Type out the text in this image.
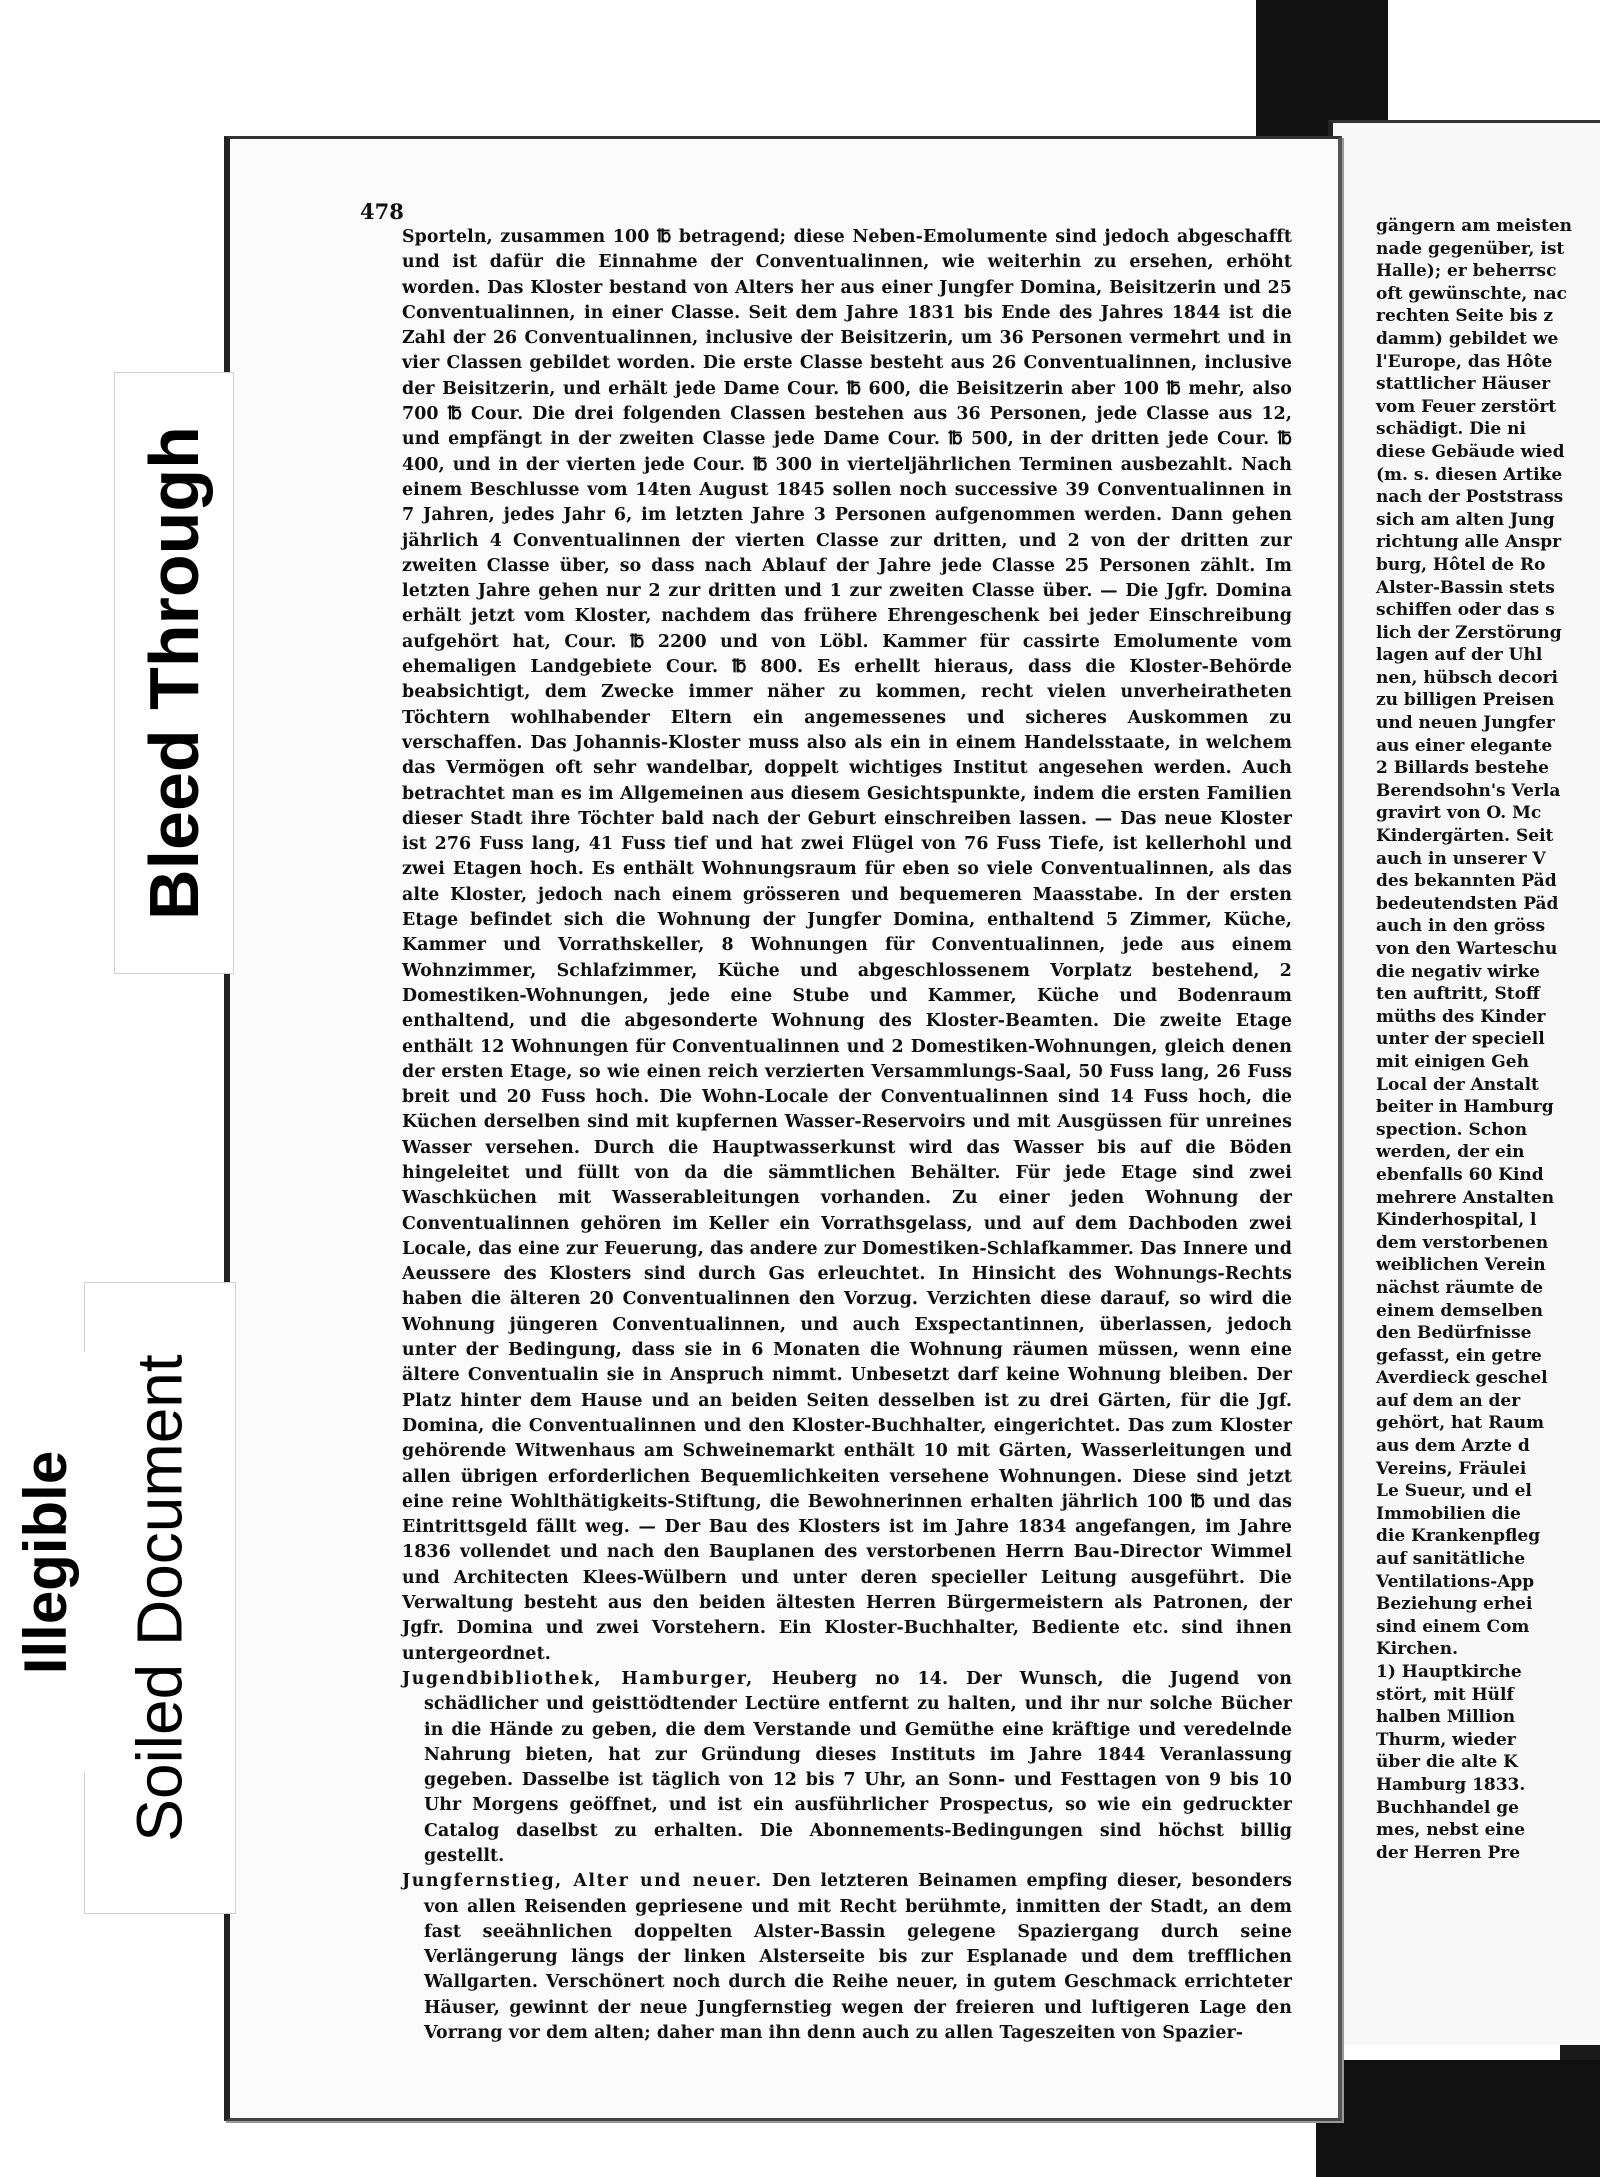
gängern am meisten
nade gegenüber, ist
Halle); er beherrsc
oft gewünschte, nac
rechten Seite bis z
damm) gebildet we
l'Europe, das Hôte
stattlicher Häuser
vom Feuer zerstört
schädigt. Die ni
diese Gebäude wied
(m. s. diesen Artike
nach der Poststrass
sich am alten Jung
richtung alle Anspr
burg, Hôtel de Ro
Alster-Bassin stets
schiffen oder das s
lich der Zerstörung
lagen auf der Uhl
nen, hübsch decori
zu billigen Preisen
und neuen Jungfer
aus einer elegante
2 Billards bestehe
Berendsohn's Verla
gravirt von O. Mc
Kindergärten. Seit
auch in unserer V
des bekannten Päd
bedeutendsten Päd
auch in den gröss
von den Warteschu
die negativ wirke
ten auftritt, Stoff
müths des Kinder
unter der speciell
mit einigen Geh
Local der Anstalt
beiter in Hamburg
spection. Schon
werden, der ein
ebenfalls 60 Kind
mehrere Anstalten
Kinderhospital, l
dem verstorbenen
weiblichen Verein
nächst räumte de
einem demselben
den Bedürfnisse
gefasst, ein getre
Averdieck geschel
auf dem an der
gehört, hat Raum
aus dem Arzte d
Vereins, Fräulei
Le Sueur, und el
Immobilien die
die Krankenpfleg
auf sanitätliche
Ventilations-App
Beziehung erhei
sind einem Com
Kirchen.
1) Hauptkirche
stört, mit Hülf
halben Million
Thurm, wieder
über die alte K
Hamburg 1833.
Buchhandel ge
mes, nebst eine
der Herren Pre
478

Sporteln, zusammen 100 ℔ betragend; diese Neben-Emolumente sind jedoch abgeschafft und ist dafür die Einnahme der Conventualinnen, wie weiterhin zu ersehen, erhöht worden. Das Kloster bestand von Alters her aus einer Jungfer Domina, Beisitzerin und 25 Conventualinnen, in einer Classe. Seit dem Jahre 1831 bis Ende des Jahres 1844 ist die Zahl der 26 Conventualinnen, inclusive der Beisitzerin, um 36 Personen vermehrt und in vier Classen gebildet worden. Die erste Classe besteht aus 26 Conventualinnen, inclusive der Beisitzerin, und erhält jede Dame Cour. ℔ 600, die Beisitzerin aber 100 ℔ mehr, also 700 ℔ Cour. Die drei folgenden Classen bestehen aus 36 Personen, jede Classe aus 12, und empfängt in der zweiten Classe jede Dame Cour. ℔ 500, in der dritten jede Cour. ℔ 400, und in der vierten jede Cour. ℔ 300 in vierteljährlichen Terminen ausbezahlt. Nach einem Beschlusse vom 14ten August 1845 sollen noch successive 39 Conventualinnen in 7 Jahren, jedes Jahr 6, im letzten Jahre 3 Personen aufgenommen werden. Dann gehen jährlich 4 Conventualinnen der vierten Classe zur dritten, und 2 von der dritten zur zweiten Classe über, so dass nach Ablauf der Jahre jede Classe 25 Personen zählt. Im letzten Jahre gehen nur 2 zur dritten und 1 zur zweiten Classe über. — Die Jgfr. Domina erhält jetzt vom Kloster, nachdem das frühere Ehrengeschenk bei jeder Einschreibung aufgehört hat, Cour. ℔ 2200 und von Löbl. Kammer für cassirte Emolumente vom ehemaligen Landgebiete Cour. ℔ 800. Es erhellt hieraus, dass die Kloster-Behörde beabsichtigt, dem Zwecke immer näher zu kommen, recht vielen unverheiratheten Töchtern wohlhabender Eltern ein angemessenes und sicheres Auskommen zu verschaffen. Das Johannis-Kloster muss also als ein in einem Handelsstaate, in welchem das Vermögen oft sehr wandelbar, doppelt wichtiges Institut angesehen werden. Auch betrachtet man es im Allgemeinen aus diesem Gesichtspunkte, indem die ersten Familien dieser Stadt ihre Töchter bald nach der Geburt einschreiben lassen. — Das neue Kloster ist 276 Fuss lang, 41 Fuss tief und hat zwei Flügel von 76 Fuss Tiefe, ist kellerhohl und zwei Etagen hoch. Es enthält Wohnungsraum für eben so viele Conventualinnen, als das alte Kloster, jedoch nach einem grösseren und bequemeren Maasstabe. In der ersten Etage befindet sich die Wohnung der Jungfer Domina, enthaltend 5 Zimmer, Küche, Kammer und Vorrathskeller, 8 Wohnungen für Conventualinnen, jede aus einem Wohnzimmer, Schlafzimmer, Küche und abgeschlossenem Vorplatz bestehend, 2 Domestiken-Wohnungen, jede eine Stube und Kammer, Küche und Bodenraum enthaltend, und die abgesonderte Wohnung des Kloster-Beamten. Die zweite Etage enthält 12 Wohnungen für Conventualinnen und 2 Domestiken-Wohnungen, gleich denen der ersten Etage, so wie einen reich verzierten Versammlungs-Saal, 50 Fuss lang, 26 Fuss breit und 20 Fuss hoch. Die Wohn-Locale der Conventualinnen sind 14 Fuss hoch, die Küchen derselben sind mit kupfernen Wasser-Reservoirs und mit Ausgüssen für unreines Wasser versehen. Durch die Hauptwasserkunst wird das Wasser bis auf die Böden hingeleitet und füllt von da die sämmtlichen Behälter. Für jede Etage sind zwei Waschküchen mit Wasserableitungen vorhanden. Zu einer jeden Wohnung der Conventualinnen gehören im Keller ein Vorrathsgelass, und auf dem Dachboden zwei Locale, das eine zur Feuerung, das andere zur Domestiken-Schlafkammer. Das Innere und Aeussere des Klosters sind durch Gas erleuchtet. In Hinsicht des Wohnungs-Rechts haben die älteren 20 Conventualinnen den Vorzug. Verzichten diese darauf, so wird die Wohnung jüngeren Conventualinnen, und auch Exspectantinnen, überlassen, jedoch unter der Bedingung, dass sie in 6 Monaten die Wohnung räumen müssen, wenn eine ältere Conventualin sie in Anspruch nimmt. Unbesetzt darf keine Wohnung bleiben. Der Platz hinter dem Hause und an beiden Seiten desselben ist zu drei Gärten, für die Jgf. Domina, die Conventualinnen und den Kloster-Buchhalter, eingerichtet. Das zum Kloster gehörende Witwenhaus am Schweinemarkt enthält 10 mit Gärten, Wasserleitungen und allen übrigen erforderlichen Bequemlichkeiten versehene Wohnungen. Diese sind jetzt eine reine Wohlthätigkeits-Stiftung, die Bewohnerinnen erhalten jährlich 100 ℔ und das Eintrittsgeld fällt weg. — Der Bau des Klosters ist im Jahre 1834 angefangen, im Jahre 1836 vollendet und nach den Bauplanen des verstorbenen Herrn Bau-Director Wimmel und Architecten Klees-Wülbern und unter deren specieller Leitung ausgeführt. Die Verwaltung besteht aus den beiden ältesten Herren Bürgermeistern als Patronen, der Jgfr. Domina und zwei Vorstehern. Ein Kloster-Buchhalter, Bediente etc. sind ihnen untergeordnet.

Jugendbibliothek, Hamburger, Heuberg no 14. Der Wunsch, die Jugend von schädlicher und geisttödtender Lectüre entfernt zu halten, und ihr nur solche Bücher in die Hände zu geben, die dem Verstande und Gemüthe eine kräftige und veredelnde Nahrung bieten, hat zur Gründung dieses Instituts im Jahre 1844 Veranlassung gegeben. Dasselbe ist täglich von 12 bis 7 Uhr, an Sonn- und Festtagen von 9 bis 10 Uhr Morgens geöffnet, und ist ein ausführlicher Prospectus, so wie ein gedruckter Catalog daselbst zu erhalten. Die Abonnements-Bedingungen sind höchst billig gestellt.

Jungfernstieg, Alter und neuer. Den letzteren Beinamen empfing dieser, besonders von allen Reisenden gepriesene und mit Recht berühmte, inmitten der Stadt, an dem fast seeähnlichen doppelten Alster-Bassin gelegene Spaziergang durch seine Verlängerung längs der linken Alsterseite bis zur Esplanade und dem trefflichen Wallgarten. Verschönert noch durch die Reihe neuer, in gutem Geschmack errichteter Häuser, gewinnt der neue Jungfernstieg wegen der freieren und luftigeren Lage den Vorrang vor dem alten; daher man ihn denn auch zu allen Tageszeiten von Spazier-

Bleed Through
Soiled Document
Illegible
